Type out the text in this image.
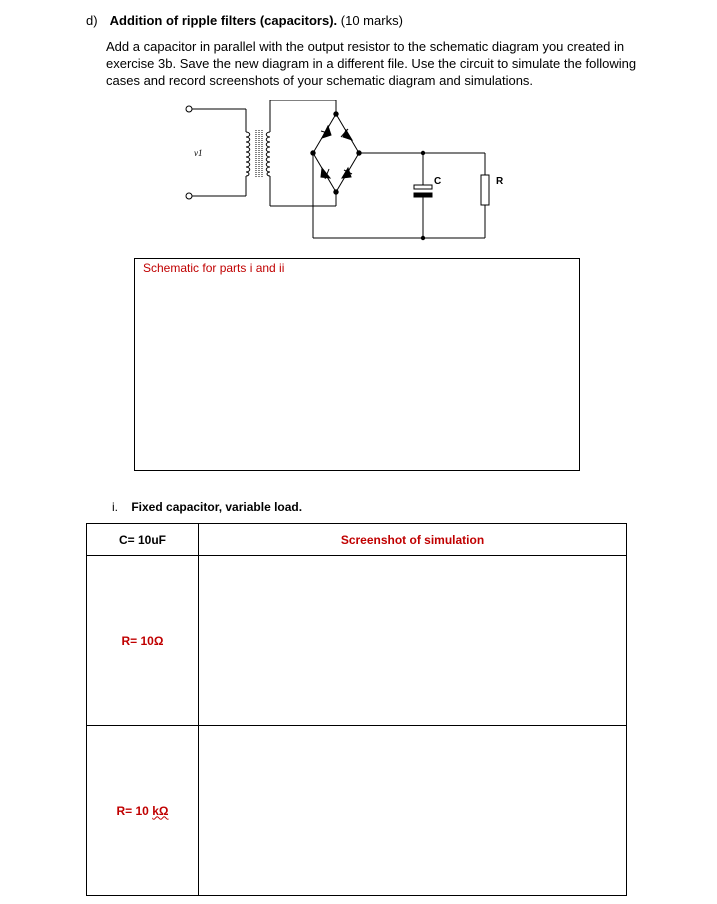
d) Addition of ripple filters (capacitors). (10 marks)
Add a capacitor in parallel with the output resistor to the schematic diagram you created in exercise 3b. Save the new diagram in a different file. Use the circuit to simulate the following cases and record screenshots of your schematic diagram and simulations.
v1
C	R
Schematic for parts i and ii
i. Fixed capacitor, variable load.
C= 10uF	Screenshot of simulation
R= 10Ω	
R= 10 kΩ	
